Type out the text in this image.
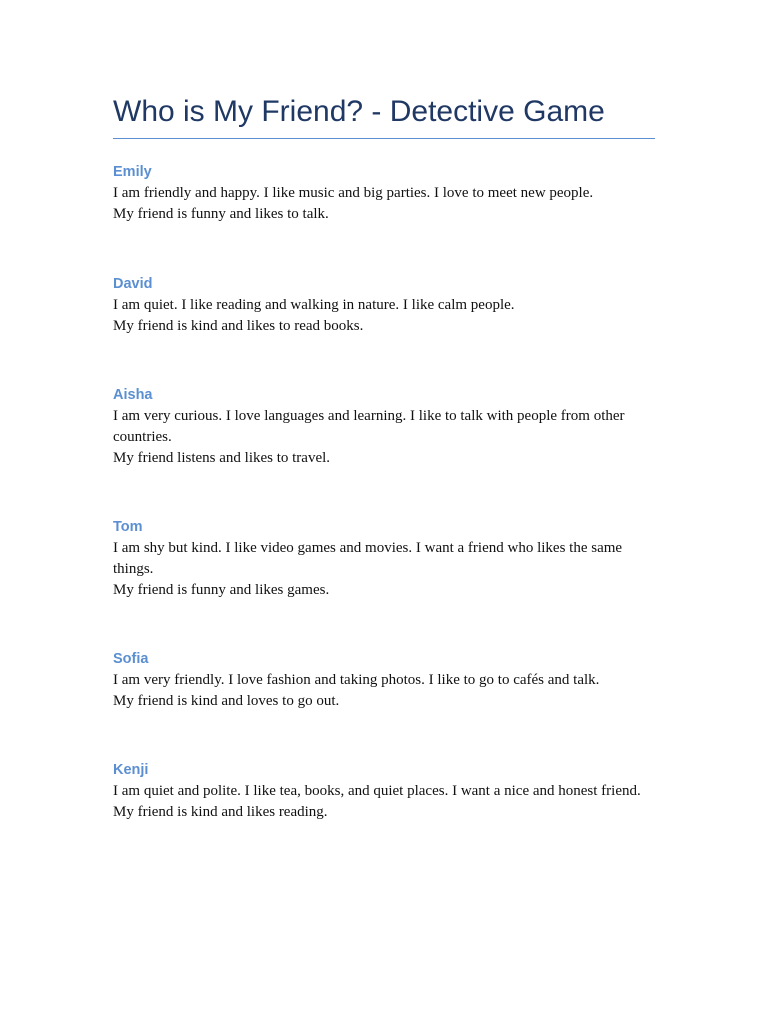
Who is My Friend? - Detective Game
Emily

I am friendly and happy. I like music and big parties. I love to meet new people.

My friend is funny and likes to talk.

David

I am quiet. I like reading and walking in nature. I like calm people.

My friend is kind and likes to read books.

Aisha

I am very curious. I love languages and learning. I like to talk with people from other countries.

My friend listens and likes to travel.

Tom

I am shy but kind. I like video games and movies. I want a friend who likes the same things.

My friend is funny and likes games.

Sofia

I am very friendly. I love fashion and taking photos. I like to go to cafés and talk.

My friend is kind and loves to go out.

Kenji

I am quiet and polite. I like tea, books, and quiet places. I want a nice and honest friend.

My friend is kind and likes reading.
